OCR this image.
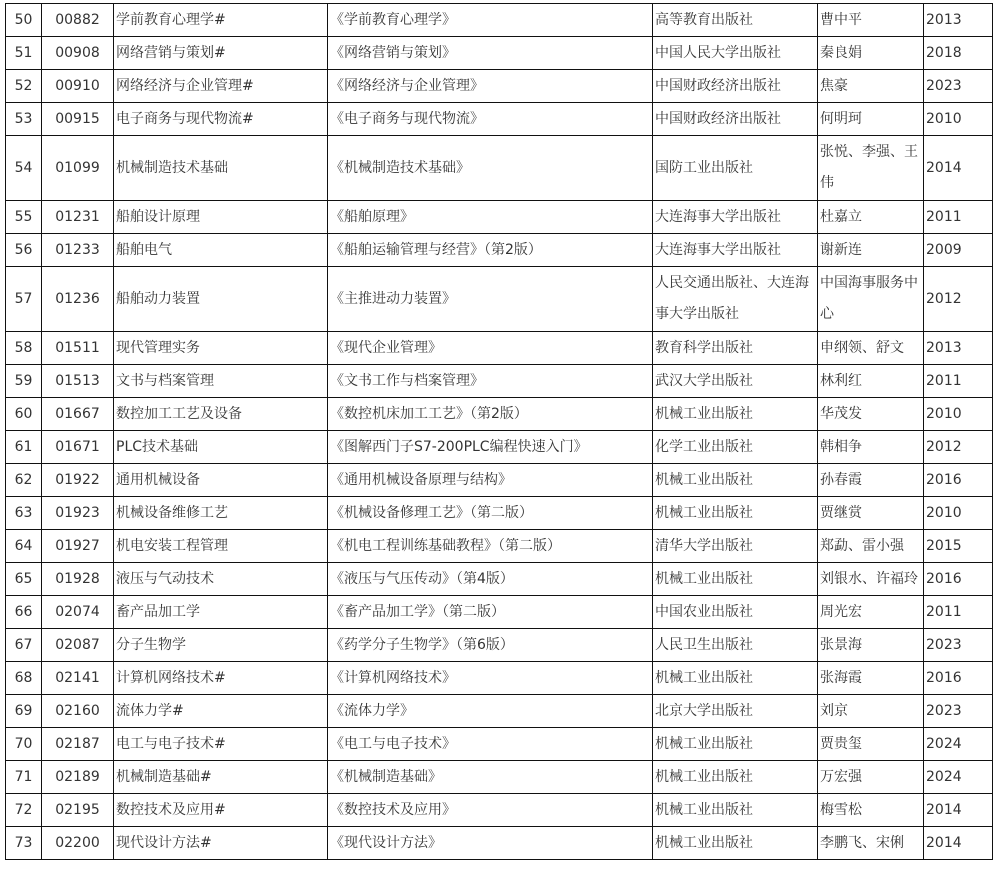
50	00882	学前教育心理学#	《学前教育心理学》	高等教育出版社	曹中平	2013
51	00908	网络营销与策划#	《网络营销与策划》	中国人民大学出版社	秦良娟	2018
52	00910	网络经济与企业管理#	《网络经济与企业管理》	中国财政经济出版社	焦豪	2023
53	00915	电子商务与现代物流#	《电子商务与现代物流》	中国财政经济出版社	何明珂	2010
54	01099	机械制造技术基础	《机械制造技术基础》	国防工业出版社	张悦、李强、王伟	2014
55	01231	船舶设计原理	《船舶原理》	大连海事大学出版社	杜嘉立	2011
56	01233	船舶电气	《船舶运输管理与经营》（第2版）	大连海事大学出版社	谢新连	2009
57	01236	船舶动力装置	《主推进动力装置》	人民交通出版社、大连海事大学出版社	中国海事服务中心	2012
58	01511	现代管理实务	《现代企业管理》	教育科学出版社	申纲领、舒文	2013
59	01513	文书与档案管理	《文书工作与档案管理》	武汉大学出版社	林利红	2011
60	01667	数控加工工艺及设备	《数控机床加工工艺》（第2版）	机械工业出版社	华茂发	2010
61	01671	PLC技术基础	《图解西门子S7-200PLC编程快速入门》	化学工业出版社	韩相争	2012
62	01922	通用机械设备	《通用机械设备原理与结构》	机械工业出版社	孙春霞	2016
63	01923	机械设备维修工艺	《机械设备修理工艺》（第二版）	机械工业出版社	贾继赏	2010
64	01927	机电安装工程管理	《机电工程训练基础教程》（第二版）	清华大学出版社	郑勐、雷小强	2015
65	01928	液压与气动技术	《液压与气压传动》（第4版）	机械工业出版社	刘银水、许福玲	2016
66	02074	畜产品加工学	《畜产品加工学》（第二版）	中国农业出版社	周光宏	2011
67	02087	分子生物学	《药学分子生物学》（第6版）	人民卫生出版社	张景海	2023
68	02141	计算机网络技术#	《计算机网络技术》	机械工业出版社	张海霞	2016
69	02160	流体力学#	《流体力学》	北京大学出版社	刘京	2023
70	02187	电工与电子技术#	《电工与电子技术》	机械工业出版社	贾贵玺	2024
71	02189	机械制造基础#	《机械制造基础》	机械工业出版社	万宏强	2024
72	02195	数控技术及应用#	《数控技术及应用》	机械工业出版社	梅雪松	2014
73	02200	现代设计方法#	《现代设计方法》	机械工业出版社	李鹏飞、宋俐	2014
